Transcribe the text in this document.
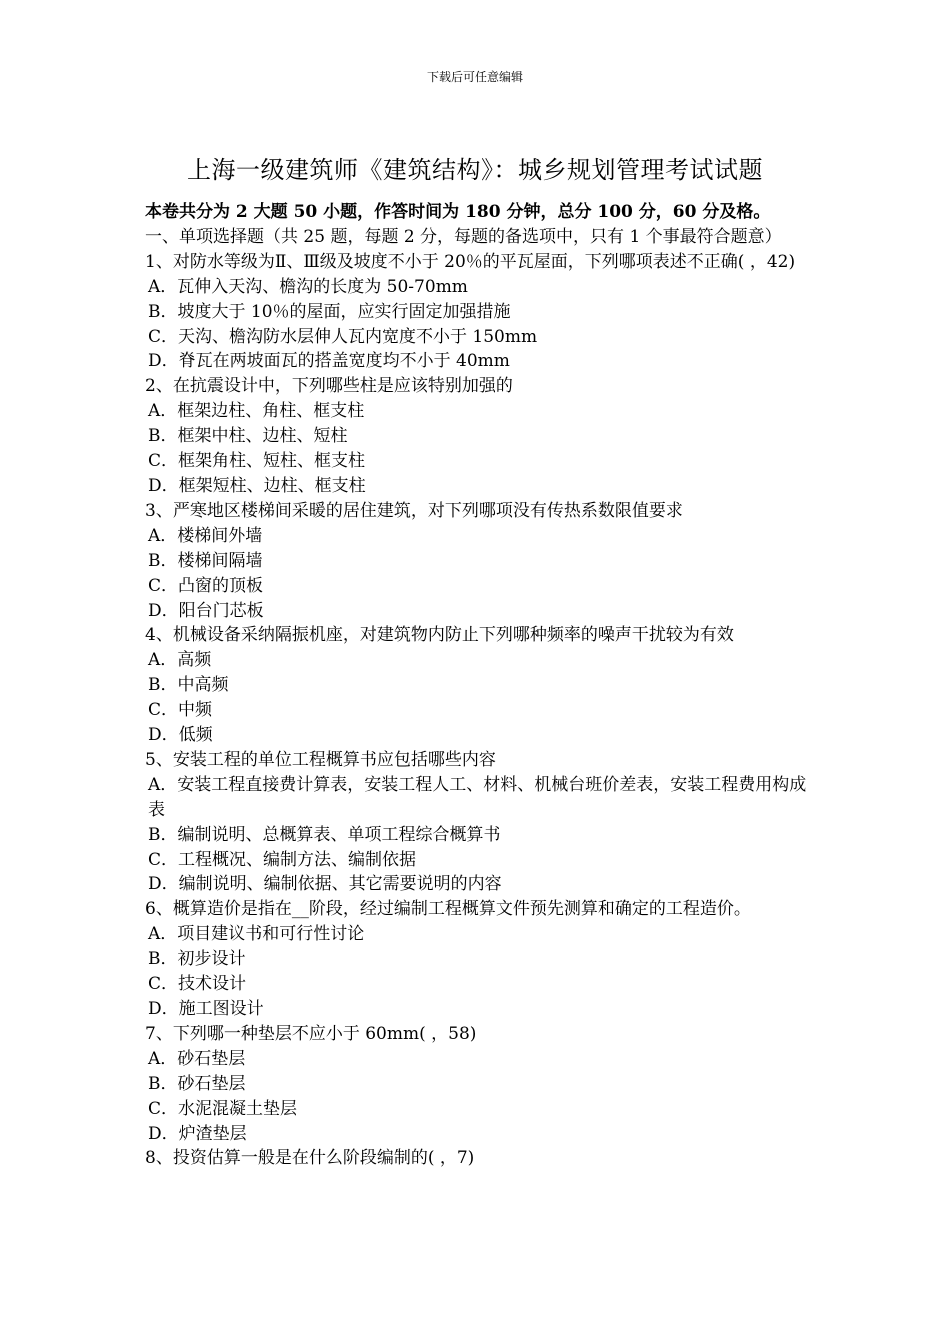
下载后可任意编辑
上海一级建筑师《建筑结构》：城乡规划管理考试试题
本卷共分为 2 大题 50 小题，作答时间为 180 分钟，总分 100 分，60 分及格。
一、单项选择题（共 25 题，每题 2 分，每题的备选项中，只有 1 个事最符合题意）
1、对防水等级为Ⅱ、Ⅲ级及坡度不小于 20％的平瓦屋面，下列哪项表述不正确( ，42)
A．瓦伸入天沟、檐沟的长度为 50-70mm
B．坡度大于 10％的屋面，应实行固定加强措施
C．天沟、檐沟防水层伸人瓦内宽度不小于 150mm
D．脊瓦在两坡面瓦的搭盖宽度均不小于 40mm
2、在抗震设计中，下列哪些柱是应该特别加强的
A．框架边柱、角柱、框支柱
B．框架中柱、边柱、短柱
C．框架角柱、短柱、框支柱
D．框架短柱、边柱、框支柱
3、严寒地区楼梯间采暖的居住建筑，对下列哪项没有传热系数限值要求
A．楼梯间外墙
B．楼梯间隔墙
C．凸窗的顶板
D．阳台门芯板
4、机械设备采纳隔振机座，对建筑物内防止下列哪种频率的噪声干扰较为有效
A．高频
B．中高频
C．中频
D．低频
5、安装工程的单位工程概算书应包括哪些内容
A．安装工程直接费计算表，安装工程人工、材料、机械台班价差表，安装工程费用构成表
B．编制说明、总概算表、单项工程综合概算书
C．工程概况、编制方法、编制依据
D．编制说明、编制依据、其它需要说明的内容
6、概算造价是指在__阶段，经过编制工程概算文件预先测算和确定的工程造价。
A．项目建议书和可行性讨论
B．初步设计
C．技术设计
D．施工图设计
7、下列哪一种垫层不应小于 60mm( ，58)
A．砂石垫层
B．砂石垫层
C．水泥混凝土垫层
D．炉渣垫层
8、投资估算一般是在什么阶段编制的( ，7)
